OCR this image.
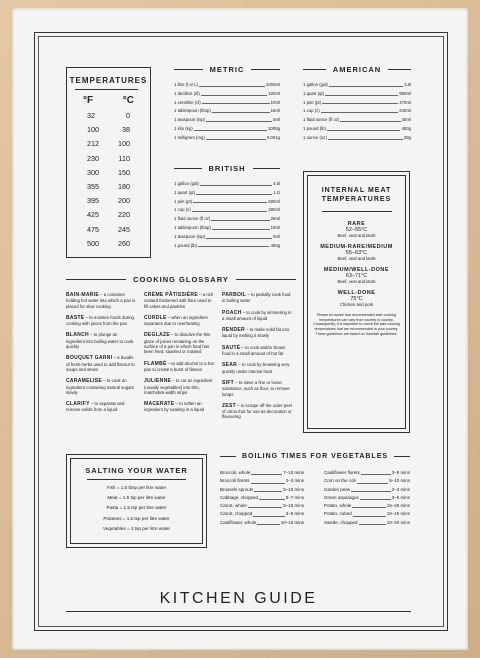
TEMPERATURES
°F	°C
32	0
100	38
212	100
230	110
300	150
355	180
395	200
425	220
475	245
500	260
METRIC
1 litre (l or L)	1000ml
1 decilitre (dl)	100ml
1 centilitre (cl)	10ml
1 tablespoon (tbsp)	15ml
1 teaspoon (tsp)	5ml
1 kilo (kg)	1000g
1 milligram (mg)	0.001g
AMERICAN
1 gallon (gal)	3.8l
1 quart (qt)	950ml
1 pint (pt)	470ml
1 cup (c)	240ml
1 fluid ounce (fl oz)	30ml
1 pound (lb)	450g
1 ounce (oz)	28g
BRITISH
1 gallon (gal)	4.5l
1 quart (qt)	1.1l
1 pint (pt)	600ml
1 cup (c)	280ml
1 fluid ounce (fl oz)	28ml
1 tablespoon (tbsp)	15ml
1 teaspoon (tsp)	5ml
1 pound (lb)	450g
INTERNAL MEAT
TEMPERATURES
RARE
52–55°C
Beef, veal and lamb
MEDIUM-RARE/MEDIUM
55–63°C
Beef, veal and lamb
MEDIUM/WELL-DONE
63–71°C
Beef, veal and lamb
WELL-DONE
75°C
Chicken and pork
Please be aware that recommended safe cooking temperatures can vary from country to country. Consequently, it is important to check the safe cooking temperatures that are recommended in your country. These guidelines are based on Swedish guidelines.
COOKING GLOSSARY
BAIN-MARIE – a container holding hot water into which a pan is placed for slow cooking
BASTE – to moisten foods during cooking with juices from the pan
BLANCH – to plunge an ingredient into boiling water to cook quickly
BOUQUET GARNI – a bundle of fresh herbs used to add flavour to soups and stews
CARAMELISE – to cook an ingredient containing natural sugars slowly
CLARIFY – to separate and remove solids from a liquid
CRÈME PÂTISSIÈRE – a rich custard thickened with flour used to fill cakes and pastries
CURDLE – when an ingredient separates due to overheating
DEGLAZE – to dissolve the thin glaze of juices remaining on the surface of a pan in which food has been fried, sautéed or roasted
FLAMBÉ – to add alcohol to a hot pan to create a burst of flames
JULIENNE – to cut an ingredient (usually vegetables) into thin, matchstick-width strips
MACERATE – to soften an ingredient by soaking in a liquid
PARBOIL – to partially cook food in boiling water
POACH – to cook by simmering in a small amount of liquid
RENDER – to make solid fat into liquid by melting it slowly
SAUTÉ – to cook and/or brown food in a small amount of hot fat
SEAR – to cook by browning very quickly under intense heat
SIFT – to sieve a fine or loose substance, such as flour, to remove lumps
ZEST – to scrape off the outer peel of citrus fruit for use as decoration or flavouring
SALTING YOUR WATER
Fish = 1.5 tbsp per litre water
Meat = 1.5 tsp per litre water
Pasta = 1.5 tsp per litre water
Potatoes = 1.5 tsp per litre water
Vegetables = 2 tsp per litre water
BOILING TIMES FOR VEGETABLES
Broccoli, whole	7–10 mins
Broccoli florets	2–3 mins
Brussels sprouts	5–10 mins
Cabbage, chopped	5–7 mins
Carrot, whole	5–15 mins
Carrot, chopped	3–5 mins
Cauliflower, whole	10–15 mins
Cauliflower florets	3–5 mins
Corn on the cob	5–10 mins
Garden peas	2–3 mins
Green asparagus	3–5 mins
Potato, whole	15–25 mins
Potato, cubed	10–15 mins
Swede, chopped	10–20 mins
KITCHEN GUIDE
